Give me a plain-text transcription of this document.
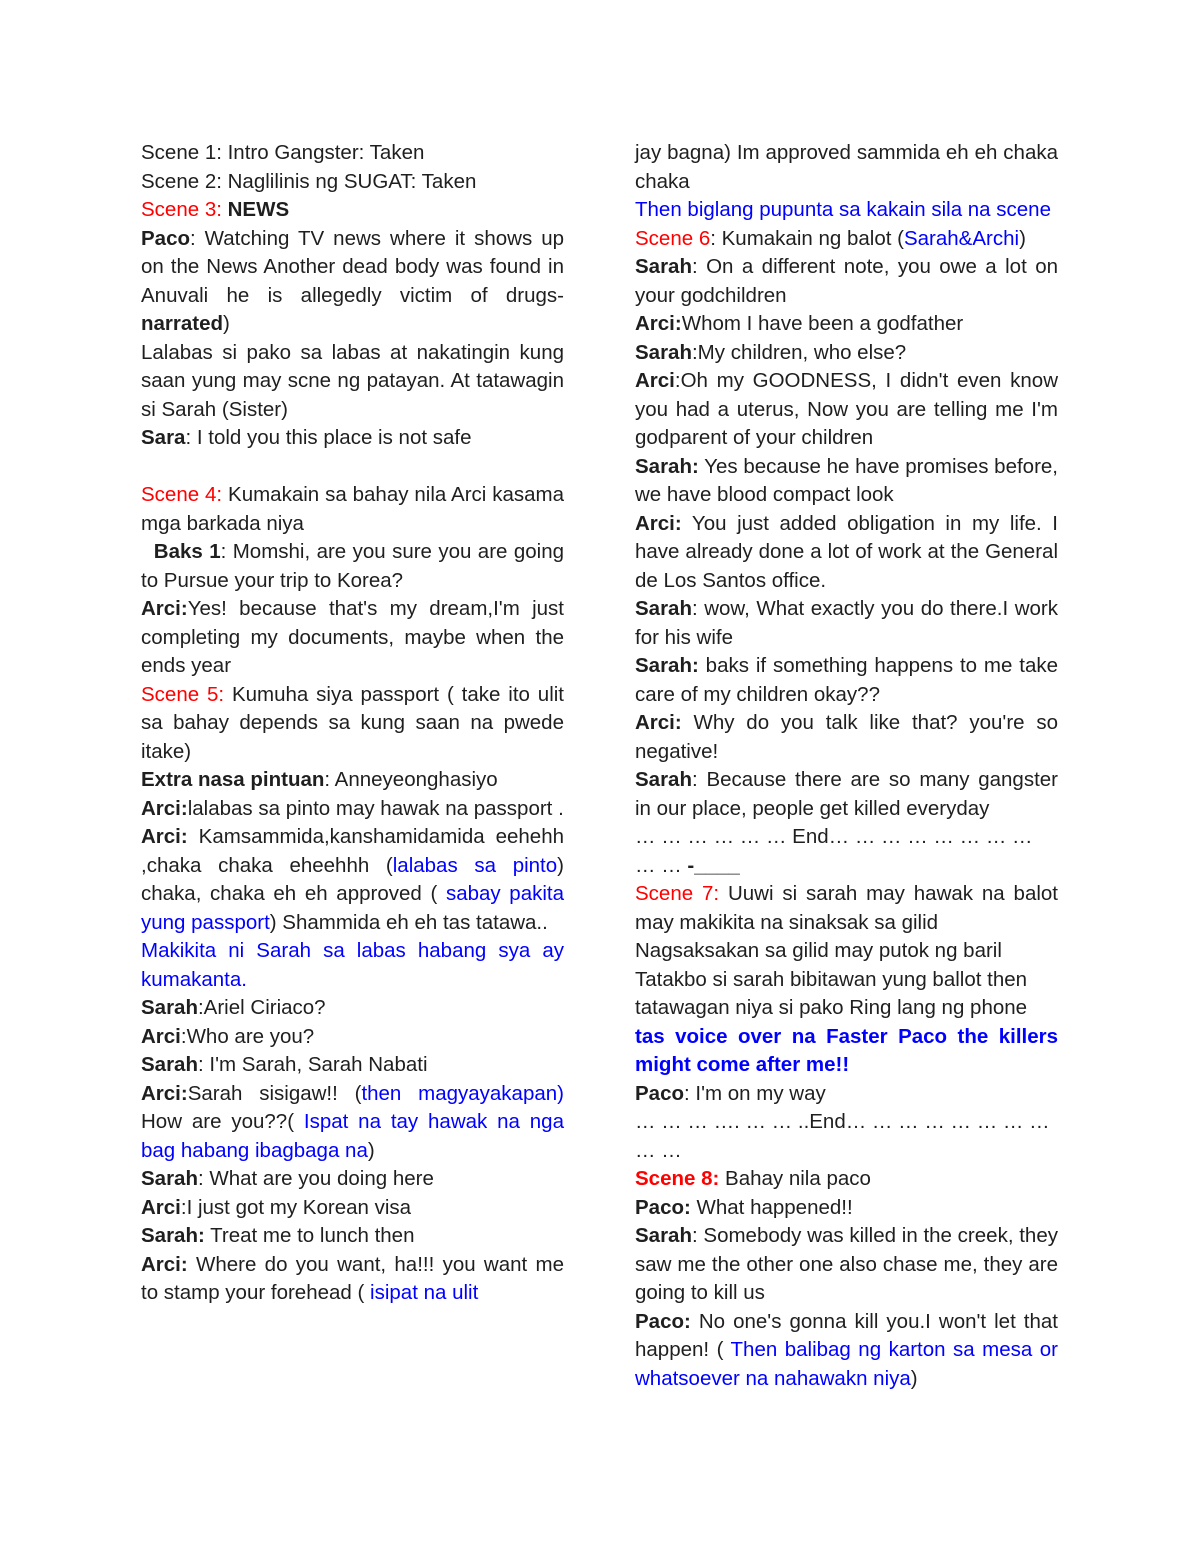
Scene 1: Intro Gangster: Taken

Scene 2: Naglilinis ng SUGAT: Taken

Scene 3: NEWS

Paco: Watching TV news where it shows up on the News Another dead body was found in Anuvali he is allegedly victim of drugs-narrated)

Lalabas si pako sa labas at nakatingin kung saan yung may scne ng patayan. At tatawagin si Sarah (Sister)

Sara: I told you this place is not safe

Scene 4: Kumakain sa bahay nila Arci kasama mga barkada niya

Baks 1: Momshi, are you sure you are going to Pursue your trip to Korea?

Arci:Yes! because that's my dream,I'm just completing my documents, maybe when the ends year

Scene 5: Kumuha siya passport ( take ito ulit sa bahay depends sa kung saan na pwede itake)

Extra nasa pintuan: Anneyeonghasiyo

Arci:lalabas sa pinto may hawak na passport .

Arci: Kamsammida,kanshamidamida eehehh ,chaka chaka eheehhh (lalabas sa pinto) chaka, chaka eh eh approved ( sabay pakita yung passport) Shammida eh eh tas tatawa..

Makikita ni Sarah sa labas habang sya ay kumakanta.

Sarah:Ariel Ciriaco?

Arci:Who are you?

Sarah: I'm Sarah, Sarah Nabati

Arci:Sarah sisigaw!! (then magyayakapan) How are you??( Ispat na tay hawak na nga bag habang ibagbaga na)

Sarah: What are you doing here

Arci:I just got my Korean visa

Sarah: Treat me to lunch then

Arci: Where do you want, ha!!! you want me to stamp your forehead ( isipat na ulit

jay bagna) Im approved sammida eh eh chaka chaka

Then biglang pupunta sa kakain sila na scene

Scene 6: Kumakain ng balot (Sarah&Archi)

Sarah: On a different note, you owe a lot on your godchildren

Arci:Whom I have been a godfather

Sarah:My children, who else?

Arci:Oh my GOODNESS, I didn't even know you had a uterus, Now you are telling me I'm godparent of your children

Sarah: Yes because he have promises before, we have blood compact look

Arci: You just added obligation in my life. I have already done a lot of work at the General de Los Santos office.

Sarah: wow, What exactly you do there.I work for his wife

Sarah: baks if something happens to me take care of my children okay??

Arci: Why do you talk like that? you're so negative!

Sarah: Because there are so many gangster in our place, people get killed everyday

… … … … … … End… … … … … … … … … … -____

Scene 7: Uuwi si sarah may hawak na balot may makikita na sinaksak sa gilid

Nagsaksakan sa gilid may putok ng baril

Tatakbo si sarah bibitawan yung ballot then tatawagan niya si pako Ring lang ng phone

tas voice over na Faster Paco the killers might come after me!!

Paco: I'm on my way

… … … …. … … ..End… … … … … … … … … …

Scene 8: Bahay nila paco

Paco: What happened!!

Sarah: Somebody was killed in the creek, they saw me the other one also chase me, they are going to kill us

Paco: No one's gonna kill you.I won't let that happen! ( Then balibag ng karton sa mesa or whatsoever na nahawakn niya)
